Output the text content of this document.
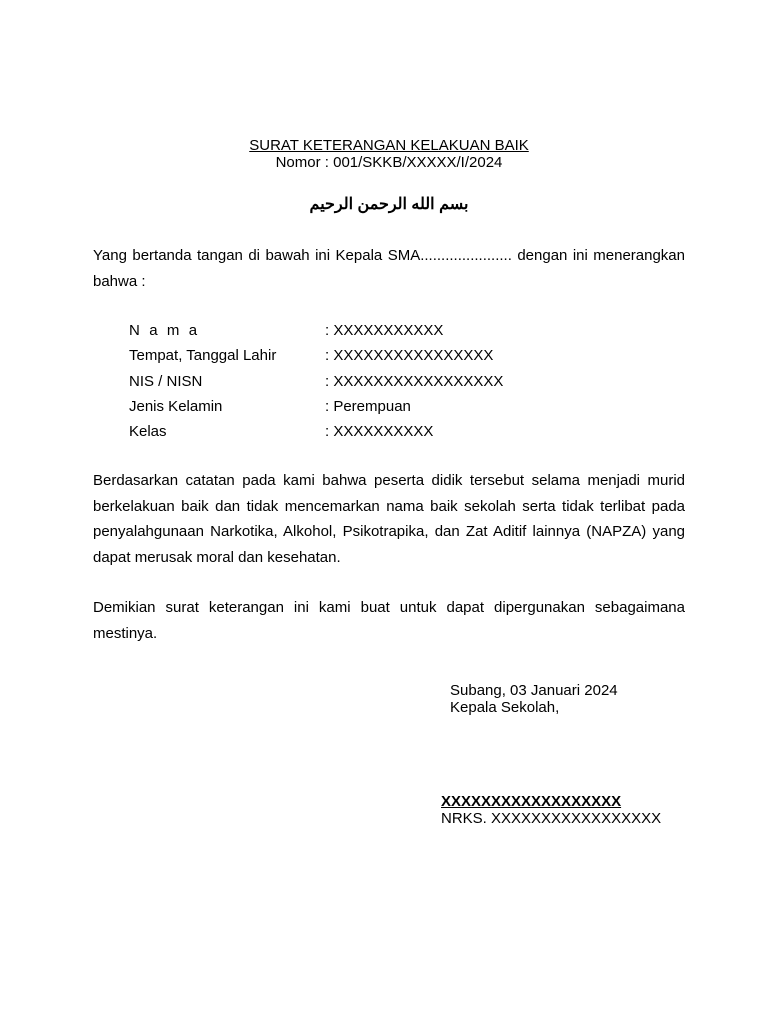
SURAT KETERANGAN KELAKUAN BAIK
Nomor : 001/SKKB/XXXXX/I/2024
بسم الله الرحمن الرحيم
Yang bertanda tangan di bawah ini Kepala SMA...................... dengan ini menerangkan bahwa :
N a m a	: XXXXXXXXXXX
Tempat, Tanggal Lahir	: XXXXXXXXXXXXXXXX
NIS / NISN	: XXXXXXXXXXXXXXXXX
Jenis Kelamin	: Perempuan
Kelas	: XXXXXXXXXX
Berdasarkan catatan pada kami bahwa peserta didik tersebut selama menjadi murid berkelakuan baik dan tidak mencemarkan nama baik sekolah serta tidak terlibat pada penyalahgunaan Narkotika, Alkohol, Psikotrapika, dan Zat Aditif lainnya (NAPZA) yang dapat merusak moral dan kesehatan.
Demikian surat keterangan ini kami buat untuk dapat dipergunakan sebagaimana mestinya.
Subang, 03 Januari 2024
Kepala Sekolah,
XXXXXXXXXXXXXXXXXX
NRKS. XXXXXXXXXXXXXXXXX
